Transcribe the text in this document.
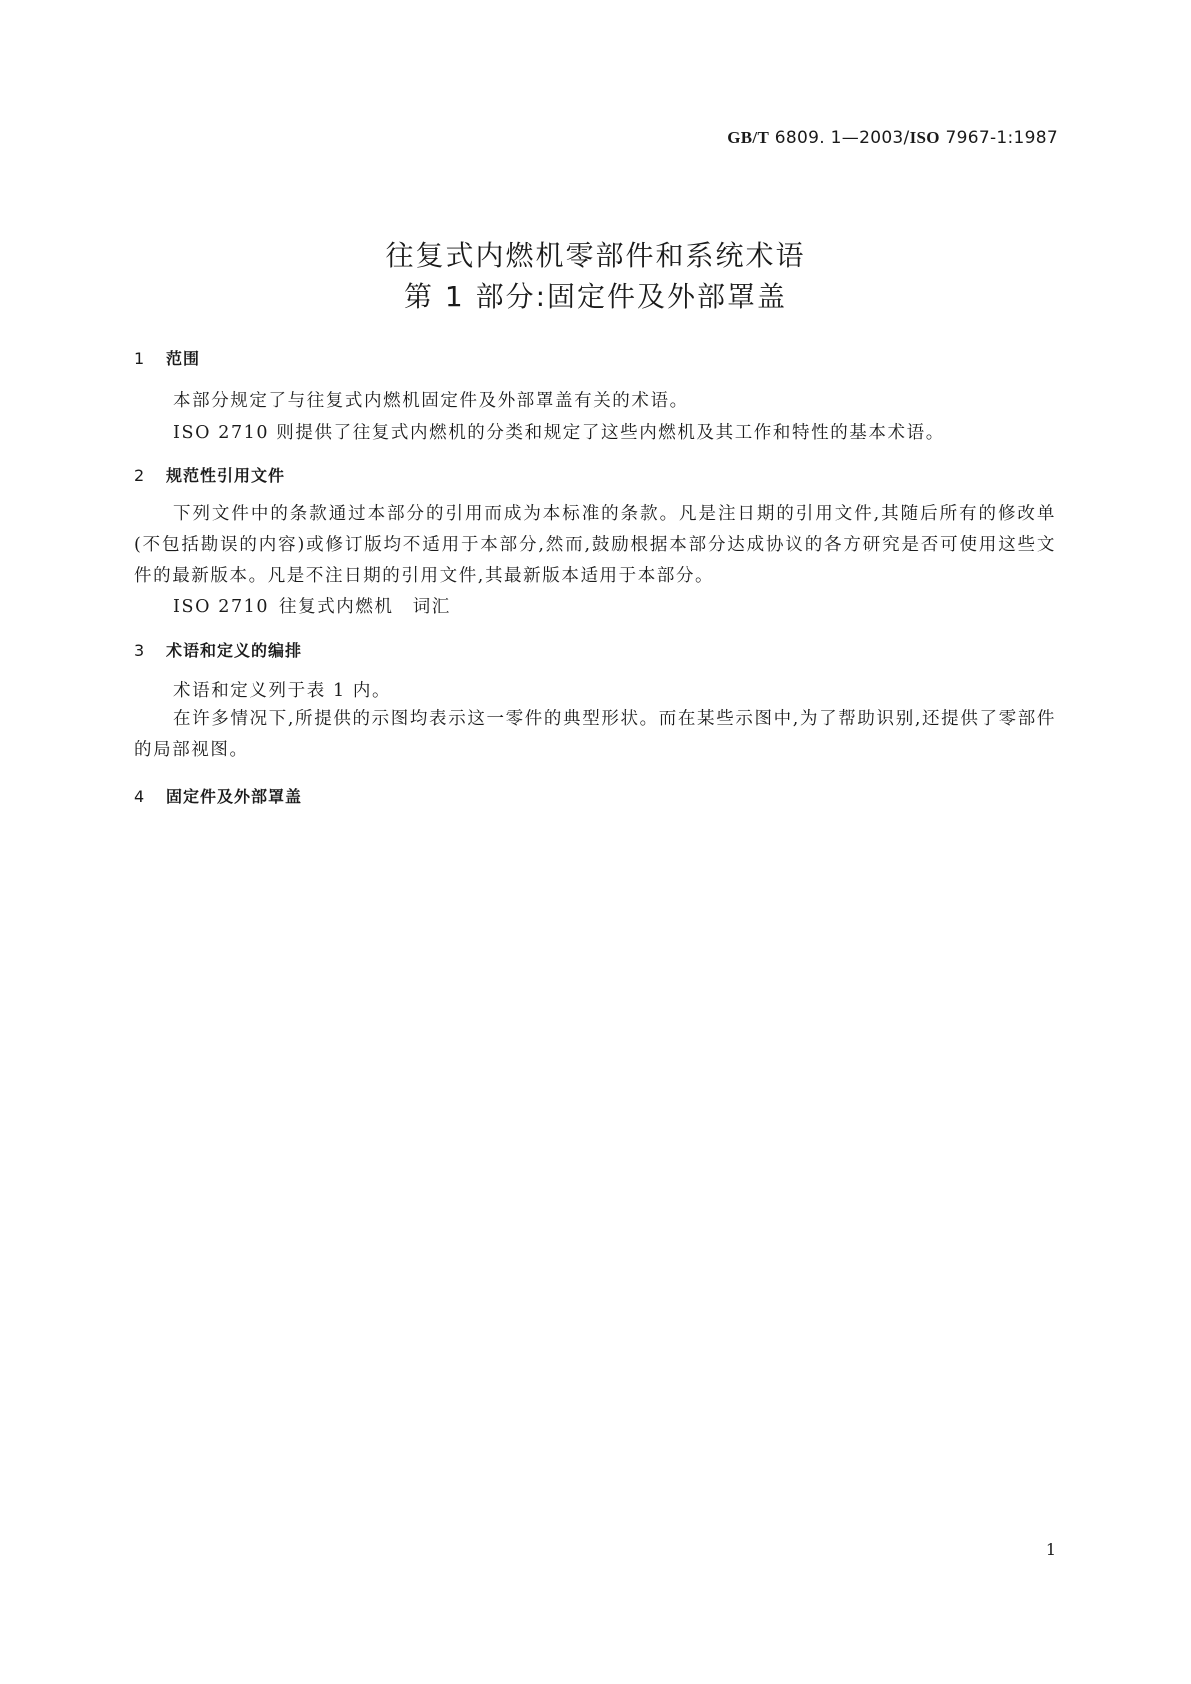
GB/T 6809. 1—2003/ISO 7967-1:1987
往复式内燃机零部件和系统术语
第 1 部分:固定件及外部罩盖
1 范围
本部分规定了与往复式内燃机固定件及外部罩盖有关的术语。
ISO 2710 则提供了往复式内燃机的分类和规定了这些内燃机及其工作和特性的基本术语。
2 规范性引用文件
下列文件中的条款通过本部分的引用而成为本标准的条款。凡是注日期的引用文件,其随后所有的修改单(不包括勘误的内容)或修订版均不适用于本部分,然而,鼓励根据本部分达成协议的各方研究是否可使用这些文件的最新版本。凡是不注日期的引用文件,其最新版本适用于本部分。
ISO 2710 往复式内燃机　词汇
3 术语和定义的编排
术语和定义列于表 1 内。
在许多情况下,所提供的示图均表示这一零件的典型形状。而在某些示图中,为了帮助识别,还提供了零部件的局部视图。
4 固定件及外部罩盖
1
